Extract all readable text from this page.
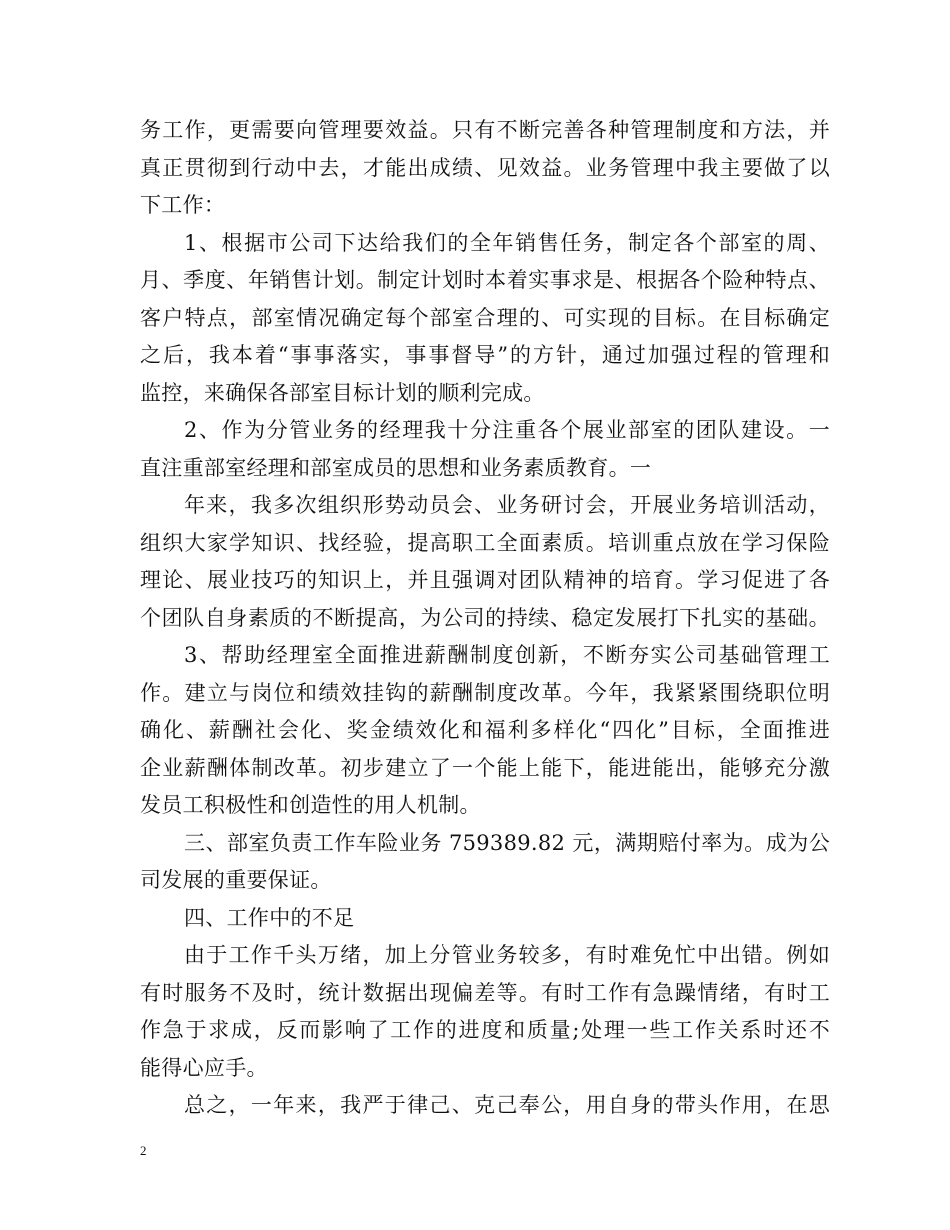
务工作，更需要向管理要效益。只有不断完善各种管理制度和方法，并
真正贯彻到行动中去，才能出成绩、见效益。业务管理中我主要做了以
下工作：
1、根据市公司下达给我们的全年销售任务，制定各个部室的周、
月、季度、年销售计划。制定计划时本着实事求是、根据各个险种特点、
客户特点，部室情况确定每个部室合理的、可实现的目标。在目标确定
之后，我本着“事事落实，事事督导”的方针，通过加强过程的管理和
监控，来确保各部室目标计划的顺利完成。
2、作为分管业务的经理我十分注重各个展业部室的团队建设。一
直注重部室经理和部室成员的思想和业务素质教育。一
年来，我多次组织形势动员会、业务研讨会，开展业务培训活动，
组织大家学知识、找经验，提高职工全面素质。培训重点放在学习保险
理论、展业技巧的知识上，并且强调对团队精神的培育。学习促进了各
个团队自身素质的不断提高，为公司的持续、稳定发展打下扎实的基础。
3、帮助经理室全面推进薪酬制度创新，不断夯实公司基础管理工
作。建立与岗位和绩效挂钩的薪酬制度改革。今年，我紧紧围绕职位明
确化、薪酬社会化、奖金绩效化和福利多样化“四化”目标，全面推进
企业薪酬体制改革。初步建立了一个能上能下，能进能出，能够充分激
发员工积极性和创造性的用人机制。
三、部室负责工作车险业务 759389.82 元，满期赔付率为。成为公
司发展的重要保证。
四、工作中的不足
由于工作千头万绪，加上分管业务较多，有时难免忙中出错。例如
有时服务不及时，统计数据出现偏差等。有时工作有急躁情绪，有时工
作急于求成，反而影响了工作的进度和质量;处理一些工作关系时还不
能得心应手。
总之，一年来，我严于律己、克己奉公，用自身的带头作用，在思
2
